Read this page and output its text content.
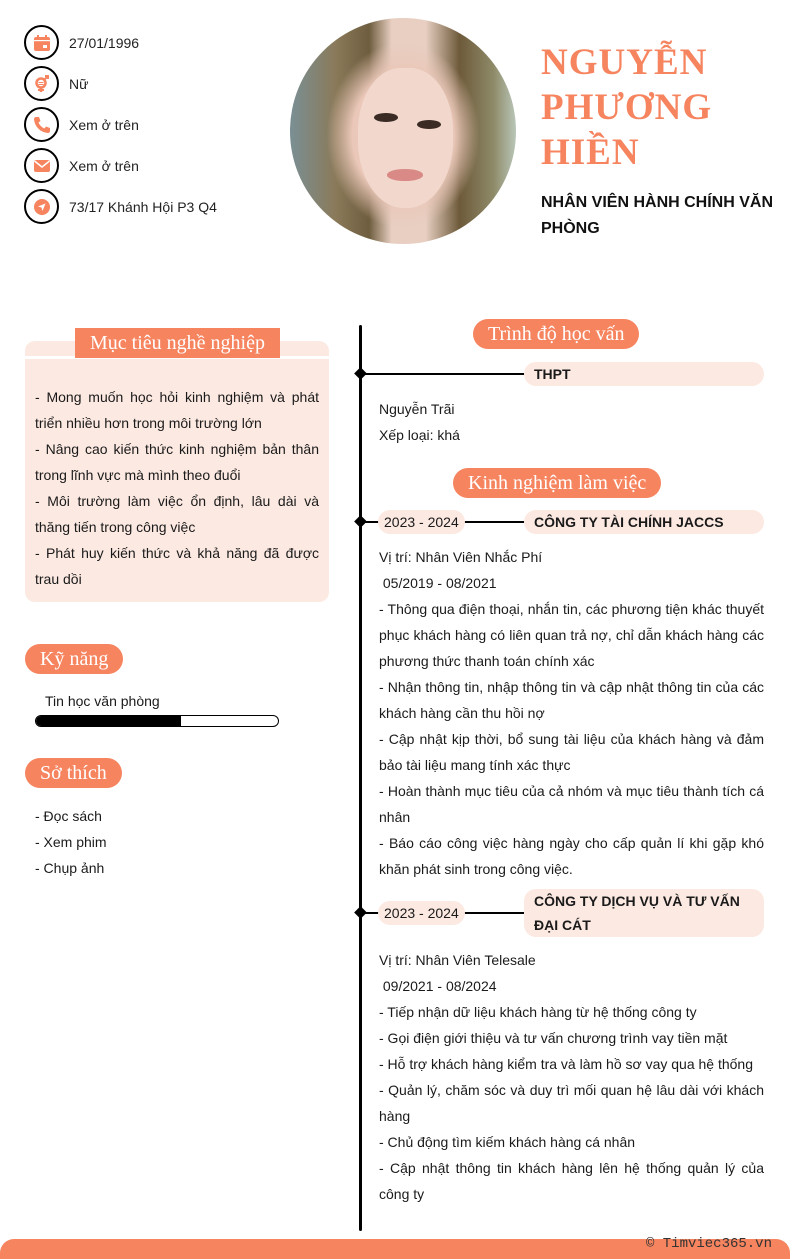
27/01/1996
Nữ
Xem ở trên
Xem ở trên
73/17 Khánh Hội P3 Q4
NGUYỄN PHƯƠNG HIỀN
NHÂN VIÊN HÀNH CHÍNH VĂN PHÒNG
Mục tiêu nghề nghiệp
- Mong muốn học hỏi kinh nghiệm và phát triển nhiều hơn trong môi trường lớn
- Nâng cao kiến thức kinh nghiệm bản thân trong lĩnh vực mà mình theo đuổi
- Môi trường làm việc ổn định, lâu dài và thăng tiến trong công việc
- Phát huy kiến thức và khả năng đã được trau dồi
Kỹ năng
Tin học văn phòng
Sở thích
- Đọc sách
- Xem phim
- Chụp ảnh
Trình độ học vấn
THPT
Nguyễn Trãi
Xếp loại: khá
Kinh nghiệm làm việc
2023 - 2024	CÔNG TY TÀI CHÍNH JACCS
Vị trí: Nhân Viên Nhắc Phí
05/2019 - 08/2021
- Thông qua điện thoại, nhắn tin, các phương tiện khác thuyết phục khách hàng có liên quan trả nợ, chỉ dẫn khách hàng các phương thức thanh toán chính xác
- Nhận thông tin, nhập thông tin và cập nhật thông tin của các khách hàng cần thu hồi nợ
- Cập nhật kịp thời, bổ sung tài liệu của khách hàng và đảm bảo tài liệu mang tính xác thực
- Hoàn thành mục tiêu của cả nhóm và mục tiêu thành tích cá nhân
- Báo cáo công việc hàng ngày cho cấp quản lí khi gặp khó khăn phát sinh trong công việc.
2023 - 2024
CÔNG TY DỊCH VỤ VÀ TƯ VẤN ĐẠI CÁT
Vị trí: Nhân Viên Telesale
09/2021 - 08/2024
- Tiếp nhận dữ liệu khách hàng từ hệ thống công ty
- Gọi điện giới thiệu và tư vấn chương trình vay tiền mặt
- Hỗ trợ khách hàng kiểm tra và làm hồ sơ vay qua hệ thống
- Quản lý, chăm sóc và duy trì mối quan hệ lâu dài với khách hàng
- Chủ động tìm kiếm khách hàng cá nhân
- Cập nhật thông tin khách hàng lên hệ thống quản lý của công ty
© Timviec365.vn
